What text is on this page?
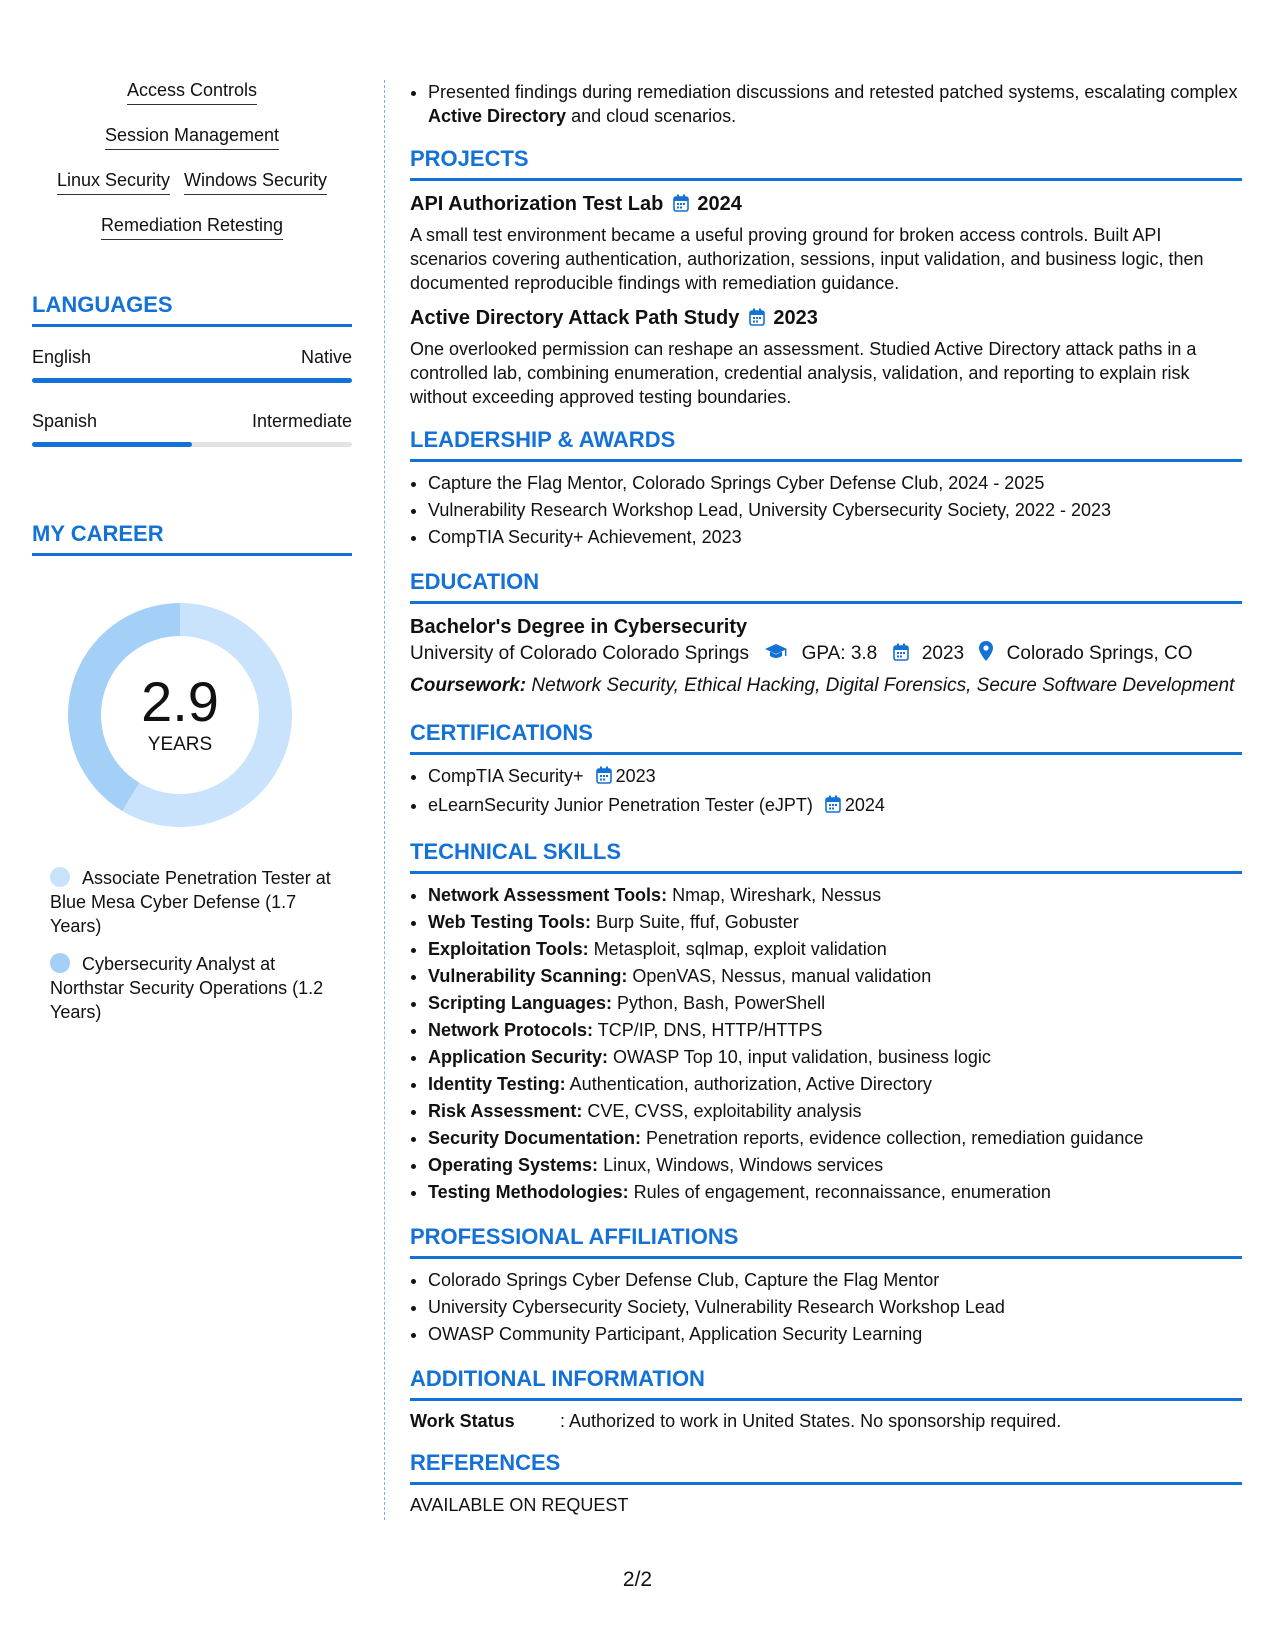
Access Controls
Session Management
Linux Security Windows Security
Remediation Retesting
LANGUAGES
English	Native
Spanish	Intermediate
MY CAREER
2.9
YEARS
Associate Penetration Tester at Blue Mesa Cyber Defense (1.7 Years)
Cybersecurity Analyst at Northstar Security Operations (1.2 Years)
• Presented findings during remediation discussions and retested patched systems, escalating complex Active Directory and cloud scenarios.
PROJECTS
API Authorization Test Lab 2024
A small test environment became a useful proving ground for broken access controls. Built API scenarios covering authentication, authorization, sessions, input validation, and business logic, then documented reproducible findings with remediation guidance.
Active Directory Attack Path Study 2023
One overlooked permission can reshape an assessment. Studied Active Directory attack paths in a controlled lab, combining enumeration, credential analysis, validation, and reporting to explain risk without exceeding approved testing boundaries.
LEADERSHIP & AWARDS
• Capture the Flag Mentor, Colorado Springs Cyber Defense Club, 2024 - 2025
• Vulnerability Research Workshop Lead, University Cybersecurity Society, 2022 - 2023
• CompTIA Security+ Achievement, 2023
EDUCATION
Bachelor's Degree in Cybersecurity
University of Colorado Colorado Springs	GPA: 3.8 2023 Colorado Springs, CO
Coursework: Network Security, Ethical Hacking, Digital Forensics, Secure Software Development
CERTIFICATIONS
• CompTIA Security+ 2023
• eLearnSecurity Junior Penetration Tester (eJPT) 2024
TECHNICAL SKILLS
• Network Assessment Tools: Nmap, Wireshark, Nessus
• Web Testing Tools: Burp Suite, ffuf, Gobuster
• Exploitation Tools: Metasploit, sqlmap, exploit validation
• Vulnerability Scanning: OpenVAS, Nessus, manual validation
• Scripting Languages: Python, Bash, PowerShell
• Network Protocols: TCP/IP, DNS, HTTP/HTTPS
• Application Security: OWASP Top 10, input validation, business logic
• Identity Testing: Authentication, authorization, Active Directory
• Risk Assessment: CVE, CVSS, exploitability analysis
• Security Documentation: Penetration reports, evidence collection, remediation guidance
• Operating Systems: Linux, Windows, Windows services
• Testing Methodologies: Rules of engagement, reconnaissance, enumeration
PROFESSIONAL AFFILIATIONS
• Colorado Springs Cyber Defense Club, Capture the Flag Mentor
• University Cybersecurity Society, Vulnerability Research Workshop Lead
• OWASP Community Participant, Application Security Learning
ADDITIONAL INFORMATION
Work Status	: Authorized to work in United States. No sponsorship required.
REFERENCES
AVAILABLE ON REQUEST
2/2
